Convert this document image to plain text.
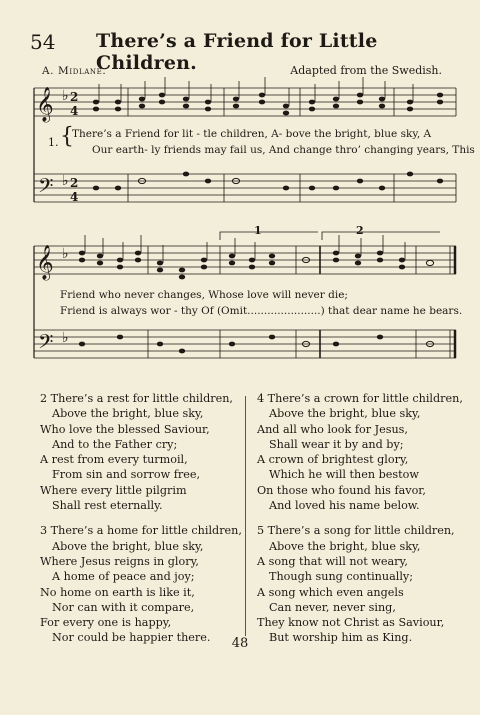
54 There’s a Friend for Little Children.
A. Midlane.	Adapted from the Swedish.
𝄞
𝄢
𝄞
𝄢
♭
♭
♭
♭
2
4
2
4
1. {
There’s a Friend for lit - tle children, A- bove the bright, blue sky, A
Our earth- ly friends may fail us, And change thro’ changing years, This
Friend who never changes, Whose love will never die;
Friend is always wor - thy Of (Omit......................) that dear name he bears.
1	2
2 There’s a rest for little children,
Above the bright, blue sky,
Who love the blessed Saviour,
And to the Father cry;
A rest from every turmoil,
From sin and sorrow free,
Where every little pilgrim
Shall rest eternally.
3 There’s a home for little children,
Above the bright, blue sky,
Where Jesus reigns in glory,
A home of peace and joy;
No home on earth is like it,
Nor can with it compare,
For every one is happy,
Nor could be happier there.
4 There’s a crown for little children,
Above the bright, blue sky,
And all who look for Jesus,
Shall wear it by and by;
A crown of brightest glory,
Which he will then bestow
On those who found his favor,
And loved his name below.
5 There’s a song for little children,
Above the bright, blue sky,
A song that will not weary,
Though sung continually;
A song which even angels
Can never, never sing,
They know not Christ as Saviour,
But worship him as King.
48
